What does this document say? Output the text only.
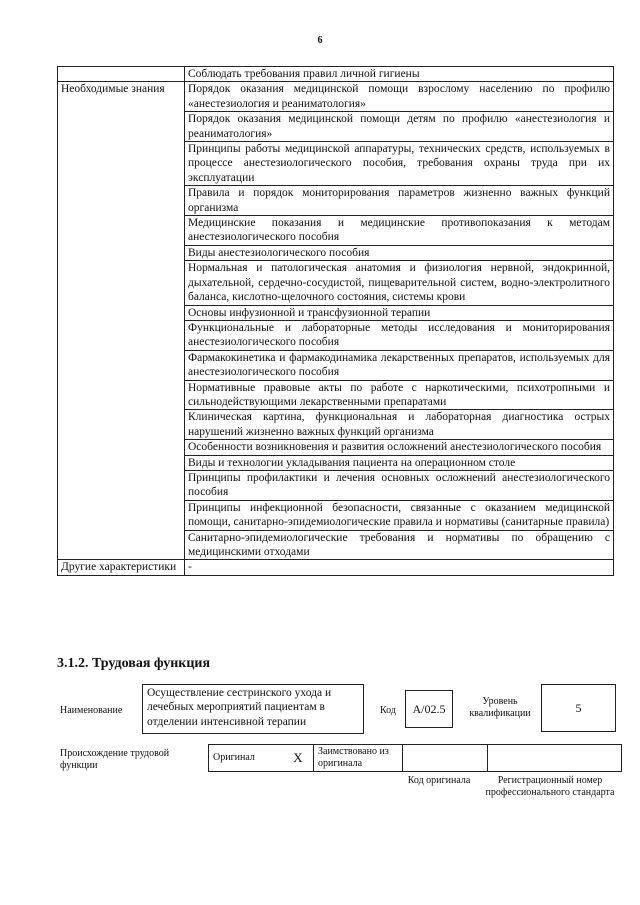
6
	Соблюдать требования правил личной гигиены
Необходимые знания	Порядок оказания медицинской помощи взрослому населению по профилю «анестезиология и реаниматология»
	Порядок оказания медицинской помощи детям по профилю «анестезиология и реаниматология»
	Принципы работы медицинской аппаратуры, технических средств, используемых в процессе анестезиологического пособия, требования охраны труда при их эксплуатации
	Правила и порядок мониторирования параметров жизненно важных функций организма
	Медицинские показания и медицинские противопоказания к методам анестезиологического пособия
	Виды анестезиологического пособия
	Нормальная и патологическая анатомия и физиология нервной, эндокринной, дыхательной, сердечно-сосудистой, пищеварительной систем, водно-электролитного баланса, кислотно-щелочного состояния, системы крови
	Основы инфузионной и трансфузионной терапии
	Функциональные и лабораторные методы исследования и мониторирования анестезиологического пособия
	Фармакокинетика и фармакодинамика лекарственных препаратов, используемых для анестезиологического пособия
	Нормативные правовые акты по работе с наркотическими, психотропными и сильнодействующими лекарственными препаратами
	Клиническая картина, функциональная и лабораторная диагностика острых нарушений жизненно важных функций организма
	Особенности возникновения и развития осложнений анестезиологического пособия
	Виды и технологии укладывания пациента на операционном столе
	Принципы профилактики и лечения основных осложнений анестезиологического пособия
	Принципы инфекционной безопасности, связанные с оказанием медицинской помощи, санитарно-эпидемиологические правила и нормативы (санитарные правила)
	Санитарно-эпидемиологические требования и нормативы по обращению с медицинскими отходами
Другие характеристики	-
3.1.2. Трудовая функция
Наименование
Осуществление сестринского ухода и лечебных мероприятий пациентам в отделении интенсивной терапии
Код	A/02.5	Уровень квалификации	5
Происхождение трудовой функции
Оригинал	X	Заимствовано из оригинала		
Код оригинала	Регистрационный номер профессионального стандарта
